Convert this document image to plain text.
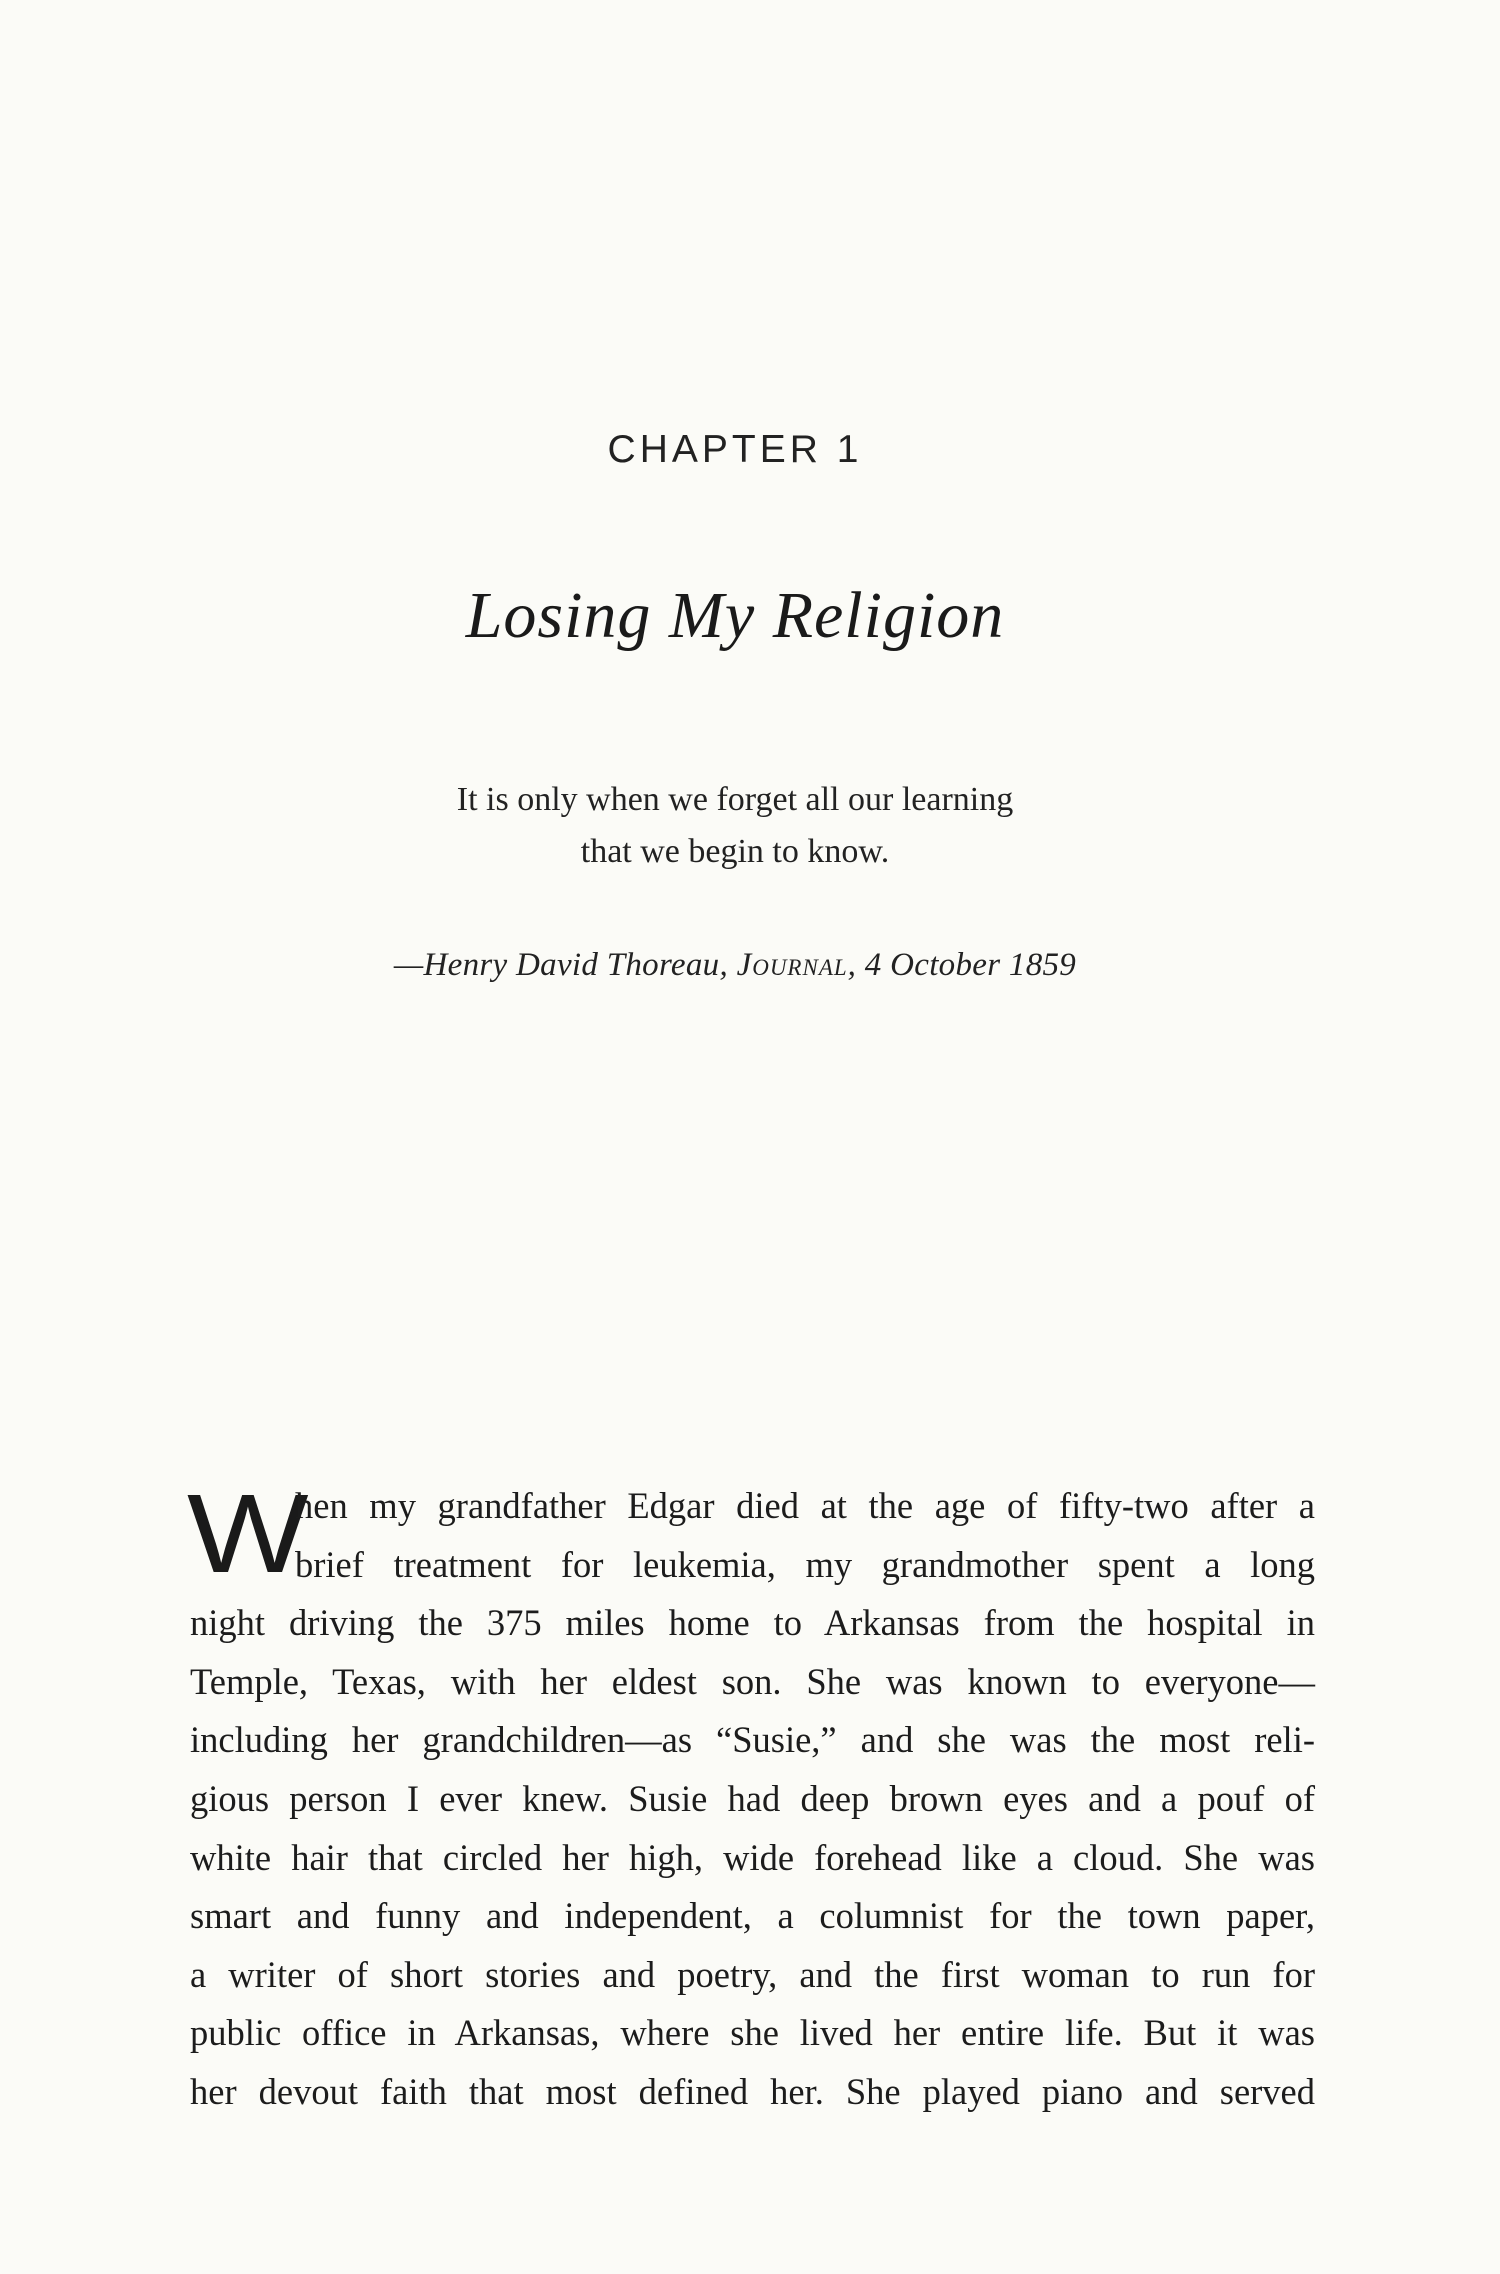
CHAPTER 1
Losing My Religion
It is only when we forget all our learning
that we begin to know.
—Henry David Thoreau, Journal, 4 October 1859
W
hen my grandfather Edgar died at the age of fifty-two after a
brief treatment for leukemia, my grandmother spent a long
night driving the 375 miles home to Arkansas from the hospital in
Temple, Texas, with her eldest son. She was known to everyone—
including her grandchildren—as “Susie,” and she was the most reli-
gious person I ever knew. Susie had deep brown eyes and a pouf of
white hair that circled her high, wide forehead like a cloud. She was
smart and funny and independent, a columnist for the town paper,
a writer of short stories and poetry, and the first woman to run for
public office in Arkansas, where she lived her entire life. But it was
her devout faith that most defined her. She played piano and served
